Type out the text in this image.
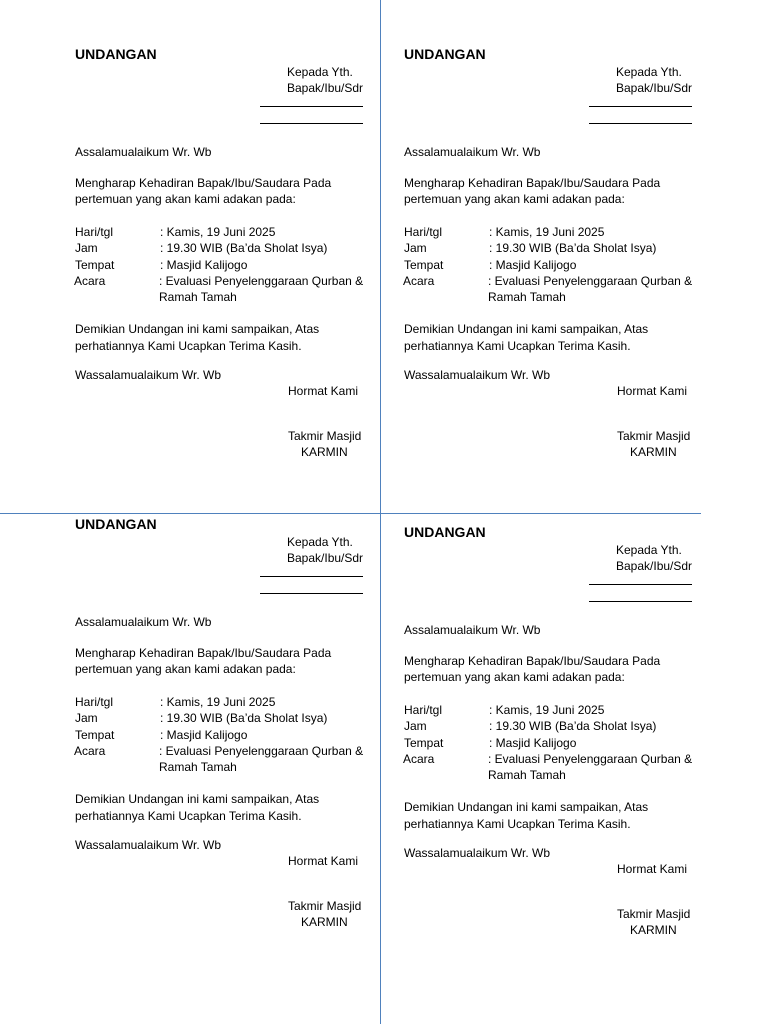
UNDANGAN
Kepada Yth.
Bapak/Ibu/Sdr
Assalamualaikum Wr. Wb
Mengharap Kehadiran Bapak/Ibu/Saudara Pada
pertemuan yang akan kami adakan pada:
Hari/tgl	: Kamis, 19 Juni 2025
Jam	: 19.30 WIB (Ba’da Sholat Isya)
Tempat	: Masjid Kalijogo
Acara	: Evaluasi Penyelenggaraan Qurban &
Ramah Tamah
Demikian Undangan ini kami sampaikan, Atas
perhatiannya Kami Ucapkan Terima Kasih.
Wassalamualaikum Wr. Wb
Hormat Kami
Takmir Masjid
KARMIN
UNDANGAN
Kepada Yth.
Bapak/Ibu/Sdr
Assalamualaikum Wr. Wb
Mengharap Kehadiran Bapak/Ibu/Saudara Pada
pertemuan yang akan kami adakan pada:
Hari/tgl	: Kamis, 19 Juni 2025
Jam	: 19.30 WIB (Ba’da Sholat Isya)
Tempat	: Masjid Kalijogo
Acara	: Evaluasi Penyelenggaraan Qurban &
Ramah Tamah
Demikian Undangan ini kami sampaikan, Atas
perhatiannya Kami Ucapkan Terima Kasih.
Wassalamualaikum Wr. Wb
Hormat Kami
Takmir Masjid
KARMIN
UNDANGAN
Kepada Yth.
Bapak/Ibu/Sdr
Assalamualaikum Wr. Wb
Mengharap Kehadiran Bapak/Ibu/Saudara Pada
pertemuan yang akan kami adakan pada:
Hari/tgl	: Kamis, 19 Juni 2025
Jam	: 19.30 WIB (Ba’da Sholat Isya)
Tempat	: Masjid Kalijogo
Acara	: Evaluasi Penyelenggaraan Qurban &
Ramah Tamah
Demikian Undangan ini kami sampaikan, Atas
perhatiannya Kami Ucapkan Terima Kasih.
Wassalamualaikum Wr. Wb
Hormat Kami
Takmir Masjid
KARMIN
UNDANGAN
Kepada Yth.
Bapak/Ibu/Sdr
Assalamualaikum Wr. Wb
Mengharap Kehadiran Bapak/Ibu/Saudara Pada
pertemuan yang akan kami adakan pada:
Hari/tgl	: Kamis, 19 Juni 2025
Jam	: 19.30 WIB (Ba’da Sholat Isya)
Tempat	: Masjid Kalijogo
Acara	: Evaluasi Penyelenggaraan Qurban &
Ramah Tamah
Demikian Undangan ini kami sampaikan, Atas
perhatiannya Kami Ucapkan Terima Kasih.
Wassalamualaikum Wr. Wb
Hormat Kami
Takmir Masjid
KARMIN
